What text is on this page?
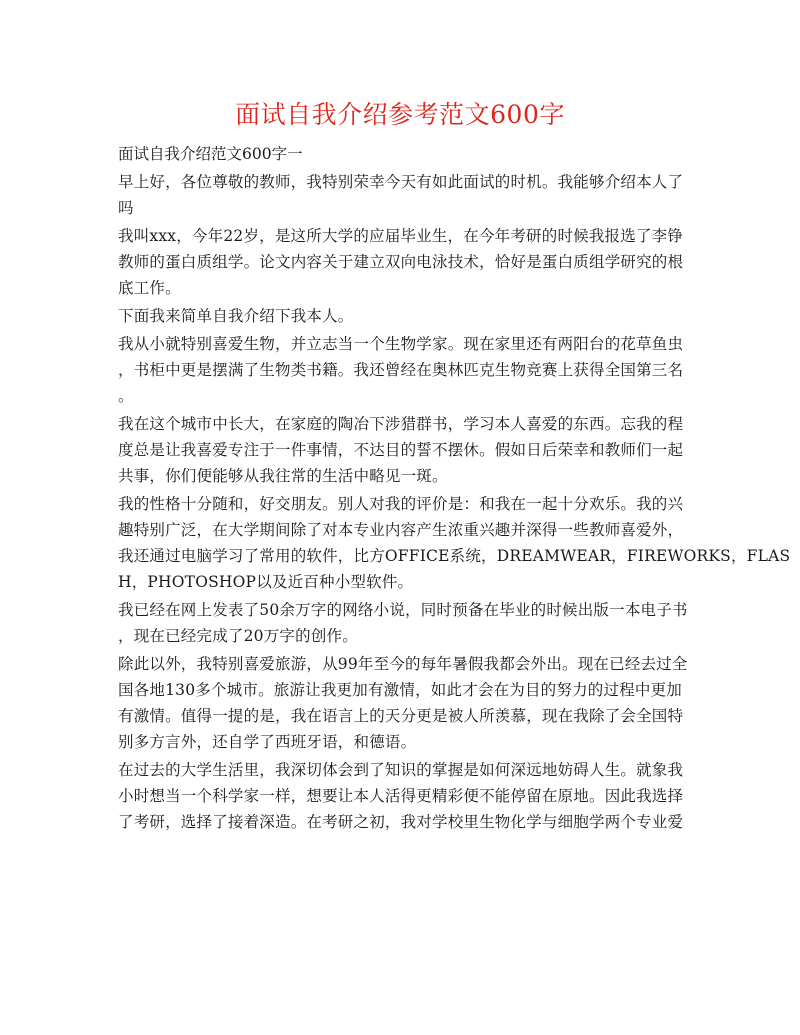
面试自我介绍参考范文600字
面试自我介绍范文600字一
早上好，各位尊敬的教师，我特别荣幸今天有如此面试的时机。我能够介绍本人了
吗
我叫xxx，今年22岁，是这所大学的应届毕业生，在今年考研的时候我报选了李铮
教师的蛋白质组学。论文内容关于建立双向电泳技术，恰好是蛋白质组学研究的根
底工作。
下面我来简单自我介绍下我本人。
我从小就特别喜爱生物，并立志当一个生物学家。现在家里还有两阳台的花草鱼虫
，书柜中更是摆满了生物类书籍。我还曾经在奥林匹克生物竞赛上获得全国第三名
。
我在这个城市中长大，在家庭的陶冶下涉猎群书，学习本人喜爱的东西。忘我的程
度总是让我喜爱专注于一件事情，不达目的誓不摆休。假如日后荣幸和教师们一起
共事，你们便能够从我往常的生活中略见一斑。
我的性格十分随和，好交朋友。别人对我的评价是：和我在一起十分欢乐。我的兴
趣特别广泛，在大学期间除了对本专业内容产生浓重兴趣并深得一些教师喜爱外，
我还通过电脑学习了常用的软件，比方OFFICE系统，DREAMWEAR，FIREWORKS，FLAS
H，PHOTOSHOP以及近百种小型软件。
我已经在网上发表了50余万字的网络小说，同时预备在毕业的时候出版一本电子书
，现在已经完成了20万字的创作。
除此以外，我特别喜爱旅游，从99年至今的每年暑假我都会外出。现在已经去过全
国各地130多个城市。旅游让我更加有激情，如此才会在为目的努力的过程中更加
有激情。值得一提的是，我在语言上的天分更是被人所羡慕，现在我除了会全国特
别多方言外，还自学了西班牙语，和德语。
在过去的大学生活里，我深切体会到了知识的掌握是如何深远地妨碍人生。就象我
小时想当一个科学家一样，想要让本人活得更精彩便不能停留在原地。因此我选择
了考研，选择了接着深造。在考研之初，我对学校里生物化学与细胞学两个专业爱
